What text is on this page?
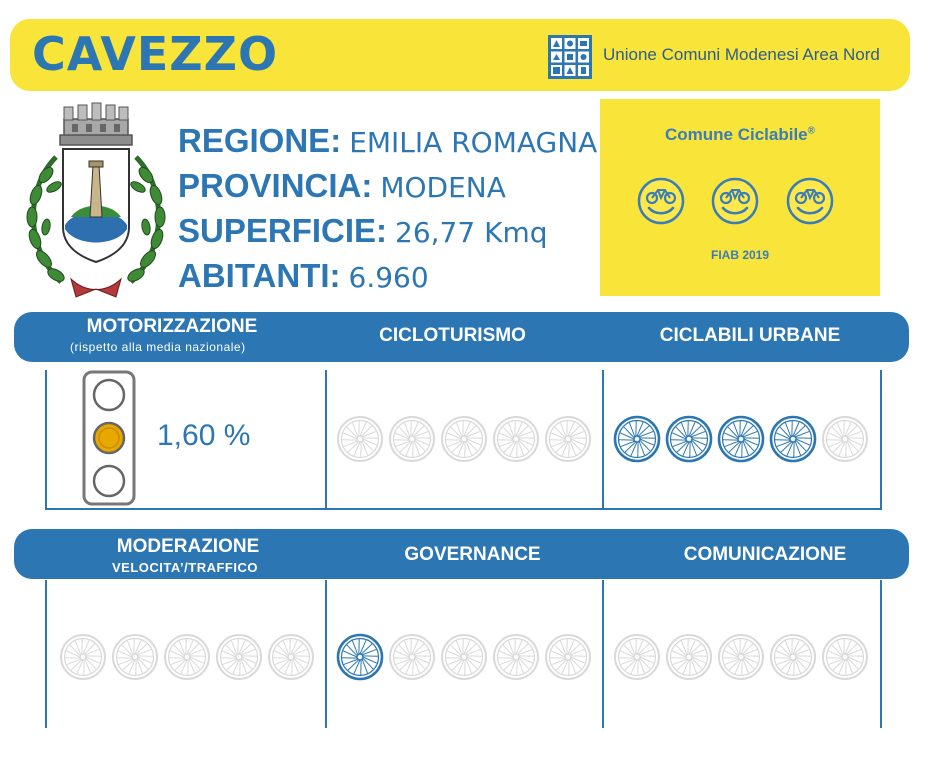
CAVEZZO	Unione Comuni Modenesi Area Nord
REGIONE: EMILIA ROMAGNA
PROVINCIA: MODENA
SUPERFICIE: 26,77 Kmq
ABITANTI: 6.960
Comune Ciclabile®
FIAB 2019
MOTORIZZAZIONE
(rispetto alla media nazionale)
CICLOTURISMO	CICLABILI URBANE
1,60 %
MODERAZIONE
VELOCITA’/TRAFFICO
GOVERNANCE	COMUNICAZIONE
